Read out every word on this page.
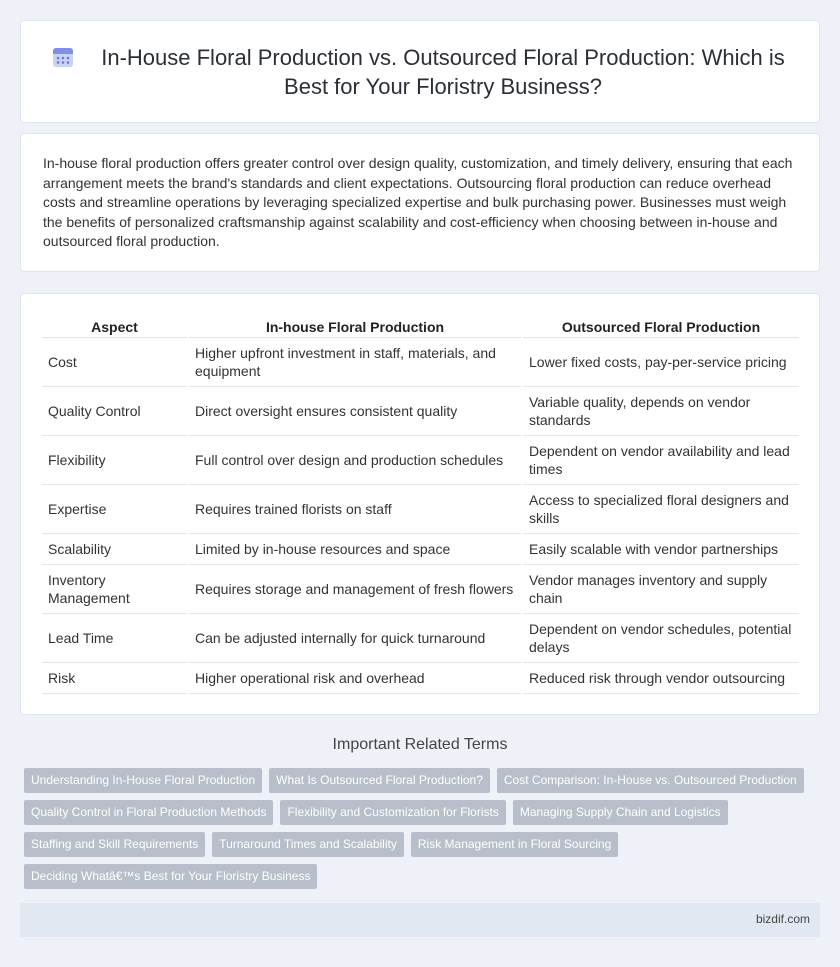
In-House Floral Production vs. Outsourced Floral Production: Which is Best for Your Floristry Business?

In-house floral production offers greater control over design quality, customization, and timely delivery, ensuring that each arrangement meets the brand's standards and client expectations. Outsourcing floral production can reduce overhead costs and streamline operations by leveraging specialized expertise and bulk purchasing power. Businesses must weigh the benefits of personalized craftsmanship against scalability and cost-efficiency when choosing between in-house and outsourced floral production.

Aspect	In-house Floral Production	Outsourced Floral Production
Cost	Higher upfront investment in staff, materials, and equipment	Lower fixed costs, pay-per-service pricing
Quality Control	Direct oversight ensures consistent quality	Variable quality, depends on vendor standards
Flexibility	Full control over design and production schedules	Dependent on vendor availability and lead times
Expertise	Requires trained florists on staff	Access to specialized floral designers and skills
Scalability	Limited by in-house resources and space	Easily scalable with vendor partnerships
Inventory Management	Requires storage and management of fresh flowers	Vendor manages inventory and supply chain
Lead Time	Can be adjusted internally for quick turnaround	Dependent on vendor schedules, potential delays
Risk	Higher operational risk and overhead	Reduced risk through vendor outsourcing
Important Related Terms
Understanding In-House Floral Production	What Is Outsourced Floral Production?	Cost Comparison: In-House vs. Outsourced Production
Quality Control in Floral Production Methods	Flexibility and Customization for Florists	Managing Supply Chain and Logistics
Staffing and Skill Requirements	Turnaround Times and Scalability	Risk Management in Floral Sourcing
Deciding Whatâ€™s Best for Your Floristry Business
bizdif.com
